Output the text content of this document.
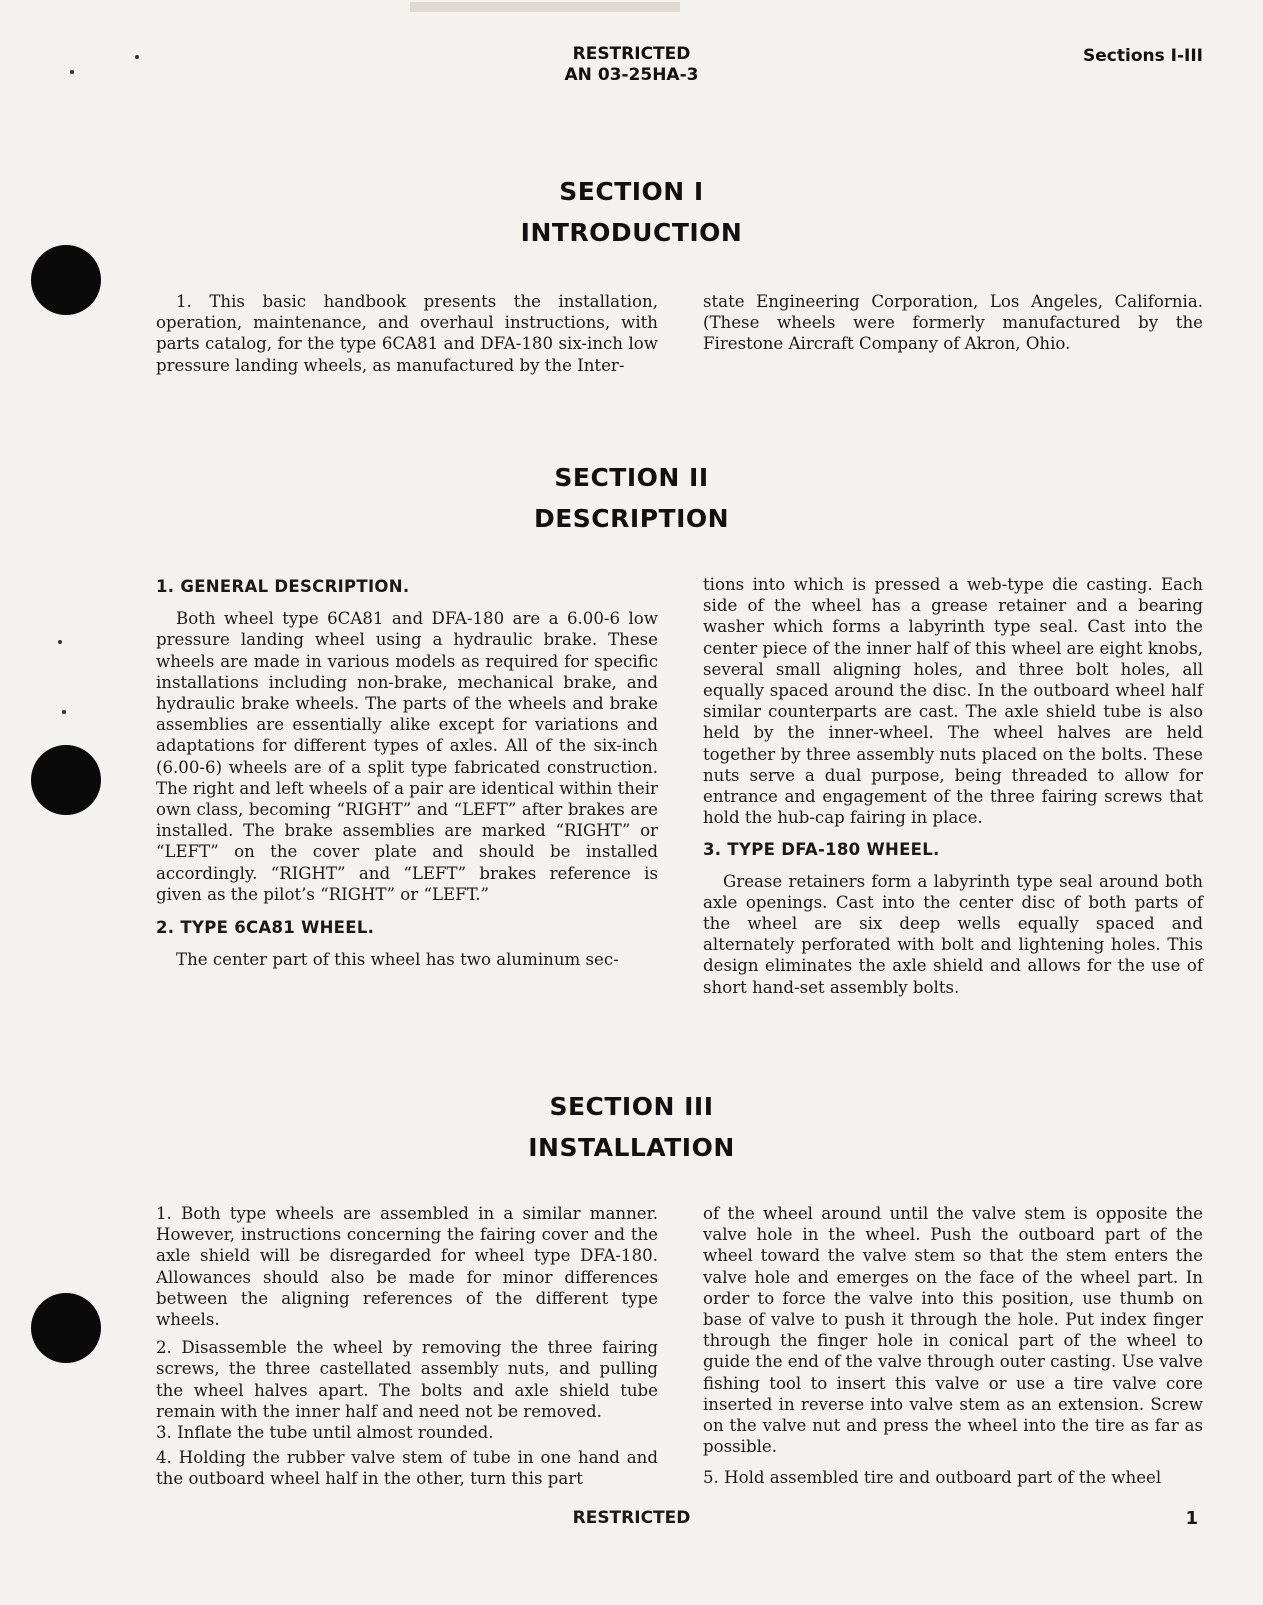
RESTRICTED
AN 03-25HA-3
Sections I-III
SECTION I
INTRODUCTION

1. This basic handbook presents the installation, operation, maintenance, and overhaul instructions, with parts catalog, for the type 6CA81 and DFA-180 six-inch low pressure landing wheels, as manufactured by the Inter-

state Engineering Corporation, Los Angeles, California. (These wheels were formerly manufactured by the Firestone Aircraft Company of Akron, Ohio.

SECTION II
DESCRIPTION

1. GENERAL DESCRIPTION.

Both wheel type 6CA81 and DFA-180 are a 6.00-6 low pressure landing wheel using a hydraulic brake. These wheels are made in various models as required for specific installations including non-brake, mechanical brake, and hydraulic brake wheels. The parts of the wheels and brake assemblies are essentially alike except for variations and adaptations for different types of axles. All of the six-inch (6.00-6) wheels are of a split type fabricated construction. The right and left wheels of a pair are identical within their own class, becoming “RIGHT” and “LEFT” after brakes are installed. The brake assemblies are marked “RIGHT” or “LEFT” on the cover plate and should be installed accordingly. “RIGHT” and “LEFT” brakes reference is given as the pilot’s “RIGHT” or “LEFT.”

2. TYPE 6CA81 WHEEL.

The center part of this wheel has two aluminum sec-

tions into which is pressed a web-type die casting. Each side of the wheel has a grease retainer and a bearing washer which forms a labyrinth type seal. Cast into the center piece of the inner half of this wheel are eight knobs, several small aligning holes, and three bolt holes, all equally spaced around the disc. In the outboard wheel half similar counterparts are cast. The axle shield tube is also held by the inner-wheel. The wheel halves are held together by three assembly nuts placed on the bolts. These nuts serve a dual purpose, being threaded to allow for entrance and engagement of the three fairing screws that hold the hub-cap fairing in place.

3. TYPE DFA-180 WHEEL.

Grease retainers form a labyrinth type seal around both axle openings. Cast into the center disc of both parts of the wheel are six deep wells equally spaced and alternately perforated with bolt and lightening holes. This design eliminates the axle shield and allows for the use of short hand-set assembly bolts.

SECTION III
INSTALLATION

1. Both type wheels are assembled in a similar manner. However, instructions concerning the fairing cover and the axle shield will be disregarded for wheel type DFA-180. Allowances should also be made for minor differences between the aligning references of the different type wheels.

2. Disassemble the wheel by removing the three fairing screws, the three castellated assembly nuts, and pulling the wheel halves apart. The bolts and axle shield tube remain with the inner half and need not be removed.

3. Inflate the tube until almost rounded.

4. Holding the rubber valve stem of tube in one hand and the outboard wheel half in the other, turn this part

of the wheel around until the valve stem is opposite the valve hole in the wheel. Push the outboard part of the wheel toward the valve stem so that the stem enters the valve hole and emerges on the face of the wheel part. In order to force the valve into this position, use thumb on base of valve to push it through the hole. Put index finger through the finger hole in conical part of the wheel to guide the end of the valve through outer casting. Use valve fishing tool to insert this valve or use a tire valve core inserted in reverse into valve stem as an extension. Screw on the valve nut and press the wheel into the tire as far as possible.

5. Hold assembled tire and outboard part of the wheel

RESTRICTED	1
